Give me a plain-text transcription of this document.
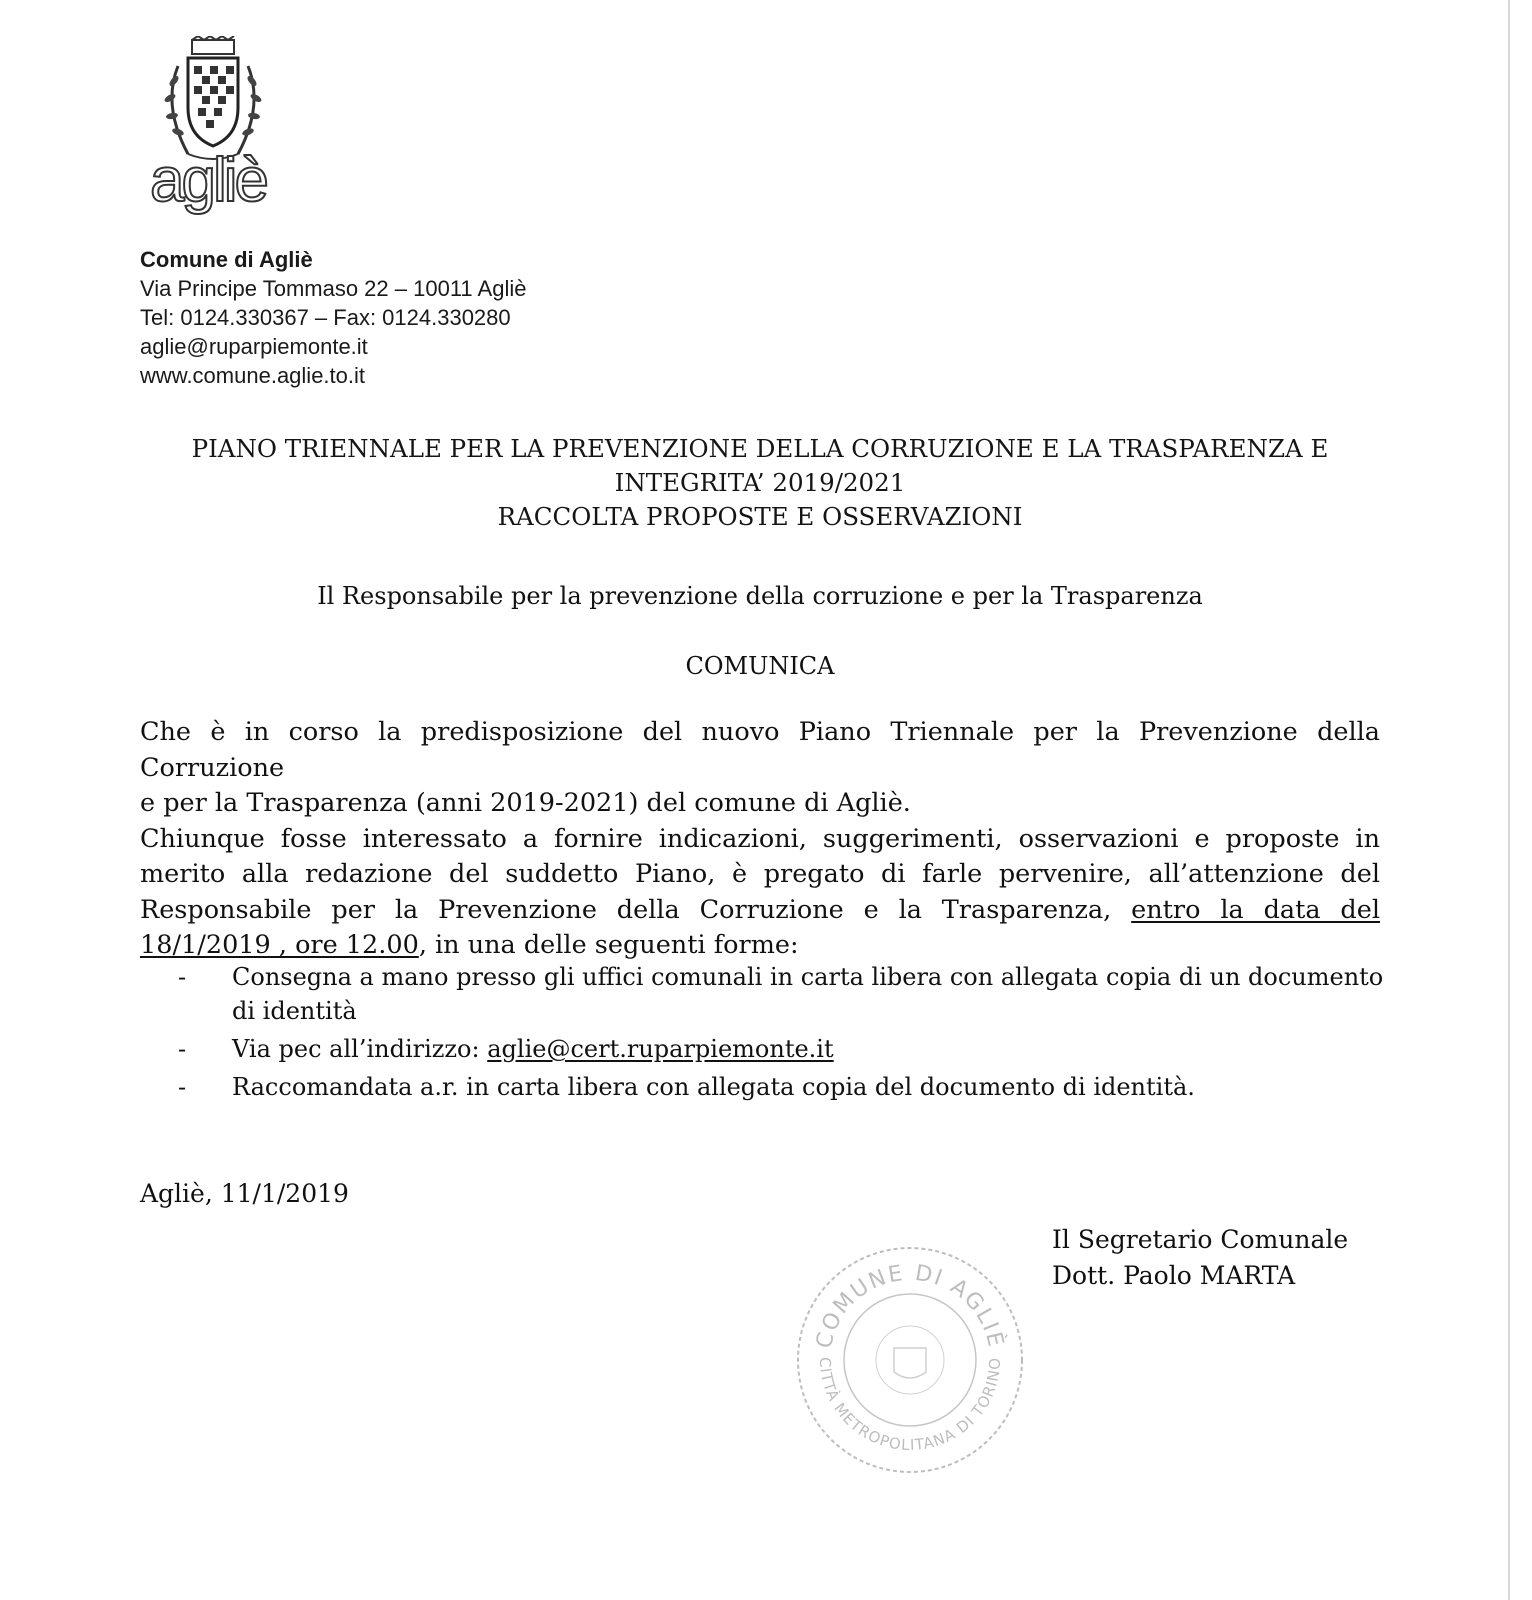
agliè
Comune di Agliè
Via Principe Tommaso 22 – 10011 Agliè
Tel: 0124.330367 – Fax: 0124.330280
aglie@ruparpiemonte.it
www.comune.aglie.to.it
PIANO TRIENNALE PER LA PREVENZIONE DELLA CORRUZIONE E LA TRASPARENZA E
INTEGRITA’ 2019/2021
RACCOLTA PROPOSTE E OSSERVAZIONI
Il Responsabile per la prevenzione della corruzione e per la Trasparenza
COMUNICA
Che è in corso la predisposizione del nuovo Piano Triennale per la Prevenzione della Corruzione
e per la Trasparenza (anni 2019-2021) del comune di Agliè.
Chiunque fosse interessato a fornire indicazioni, suggerimenti, osservazioni e proposte in
merito alla redazione del suddetto Piano, è pregato di farle pervenire, all’attenzione del
Responsabile per la Prevenzione della Corruzione e la Trasparenza, entro la data del
18/1/2019 , ore 12.00, in una delle seguenti forme:
- Consegna a mano presso gli uffici comunali in carta libera con allegata copia di un documento di identità
- Via pec all’indirizzo: aglie@cert.ruparpiemonte.it
- Raccomandata a.r. in carta libera con allegata copia del documento di identità.
Agliè, 11/1/2019
COMUNE DI AGLIÈ
CITTÀ METROPOLITANA DI TORINO
Il Segretario Comunale
Dott. Paolo MARTA
